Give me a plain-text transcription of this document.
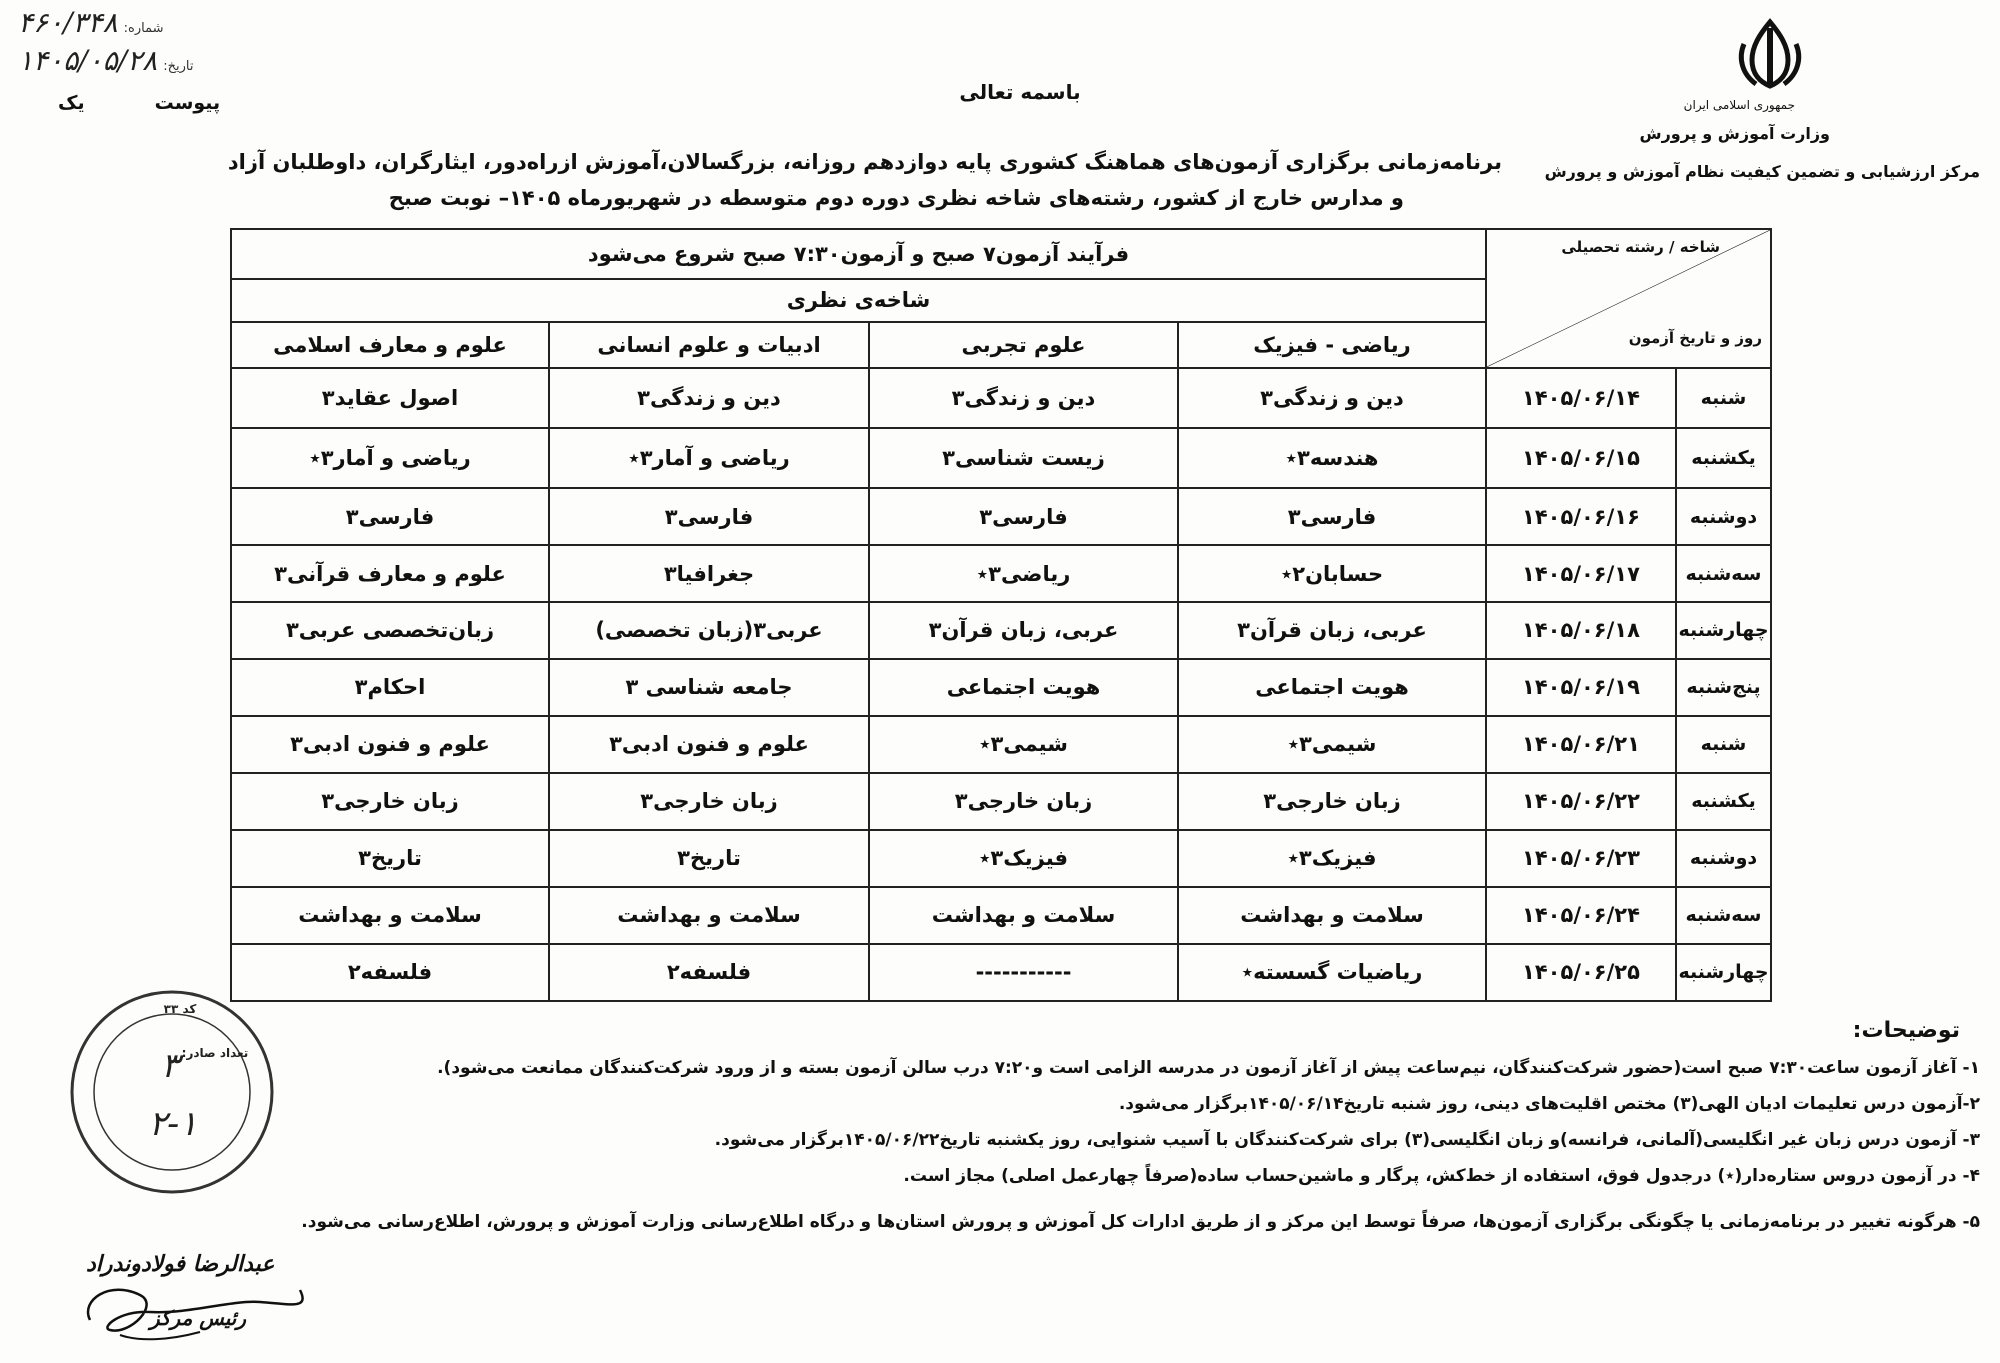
جمهوری اسلامی ایران
وزارت آموزش و پرورش
مرکز ارزشیابی و تضمین کیفیت نظام آموزش و پرورش
شماره:
۴۶۰/۳۴۸
تاریخ:
۱۴۰۵/۰۵/۲۸
پیوست
یک	باسمه تعالی
برنامه‌زمانی برگزاری آزمون‌های هماهنگ کشوری پایه دوازدهم روزانه، بزرگسالان،آموزش ازراه‌دور، ایثارگران، داوطلبان آزاد
و مدارس خارج از کشور، رشته‌های شاخه نظری دوره دوم متوسطه در شهریورماه ۱۴۰۵– نوبت صبح
شاخه / رشته تحصیلی
روز و تاریخ آزمون		فرآیند آزمون۷ صبح و آزمون۷:۳۰ صبح شروع می‌شود			
		شاخه‌ی نظری			
		ریاضی - فیزیک	علوم تجربی	ادبیات و علوم انسانی	علوم و معارف اسلامی
شنبه	۱۴۰۵/۰۶/۱۴	دین و زندگی۳	دین و زندگی۳	دین و زندگی۳	اصول عقاید۳
یکشنبه	۱۴۰۵/۰۶/۱۵	هندسه۳٭	زیست شناسی۳	ریاضی و آمار۳٭	ریاضی و آمار۳٭
دوشنبه	۱۴۰۵/۰۶/۱۶	فارسی۳	فارسی۳	فارسی۳	فارسی۳
سه‌شنبه	۱۴۰۵/۰۶/۱۷	حسابان۲٭	ریاضی۳٭	جغرافیا۳	علوم و معارف قرآنی۳
چهارشنبه	۱۴۰۵/۰۶/۱۸	عربی، زبان قرآن۳	عربی، زبان قرآن۳	عربی۳(زبان تخصصی)	زبان‌تخصصی عربی۳
پنج‌شنبه	۱۴۰۵/۰۶/۱۹	هویت اجتماعی	هویت اجتماعی	جامعه شناسی ۳	احکام۳
شنبه	۱۴۰۵/۰۶/۲۱	شیمی۳٭	شیمی۳٭	علوم و فنون ادبی۳	علوم و فنون ادبی۳
یکشنبه	۱۴۰۵/۰۶/۲۲	زبان خارجی۳	زبان خارجی۳	زبان خارجی۳	زبان خارجی۳
دوشنبه	۱۴۰۵/۰۶/۲۳	فیزیک۳٭	فیزیک۳٭	تاریخ۳	تاریخ۳
سه‌شنبه	۱۴۰۵/۰۶/۲۴	سلامت و بهداشت	سلامت و بهداشت	سلامت و بهداشت	سلامت و بهداشت
چهارشنبه	۱۴۰۵/۰۶/۲۵	ریاضیات گسسته٭	-----------	فلسفه۲	فلسفه۲
توضیحات:
۱- آغاز آزمون ساعت۷:۳۰ صبح است(حضور شرکت‌کنندگان، نیم‌ساعت پیش از آغاز آزمون در مدرسه الزامی است و۷:۲۰ درب سالن آزمون بسته و از ورود شرکت‌کنندگان ممانعت می‌شود).
۲-آزمون درس تعلیمات ادیان الهی(۳) مختص اقلیت‌های دینی، روز شنبه تاریخ۱۴۰۵/۰۶/۱۴برگزار می‌شود.
۳- آزمون درس زبان غیر انگلیسی(آلمانی، فرانسه)و زبان انگلیسی(۳) برای شرکت‌کنندگان با آسیب شنوایی، روز یکشنبه تاریخ۱۴۰۵/۰۶/۲۲برگزار می‌شود.
۴- در آزمون دروس ستاره‌دار(٭) درجدول فوق، استفاده از خط‌کش، پرگار و ماشین‌حساب ساده(صرفاً چهارعمل اصلی) مجاز است.
۵- هرگونه تغییر در برنامه‌زمانی یا چگونگی برگزاری آزمون‌ها، صرفاً توسط این مرکز و از طریق ادارات کل آموزش و پرورش استان‌ها و درگاه اطلاع‌رسانی وزارت آموزش و پرورش، اطلاع‌رسانی می‌شود.
کد ۳۳
تعداد صادر:
۳
۲-۱
عبدالرضا فولادوندراد
رئیس مرکز
